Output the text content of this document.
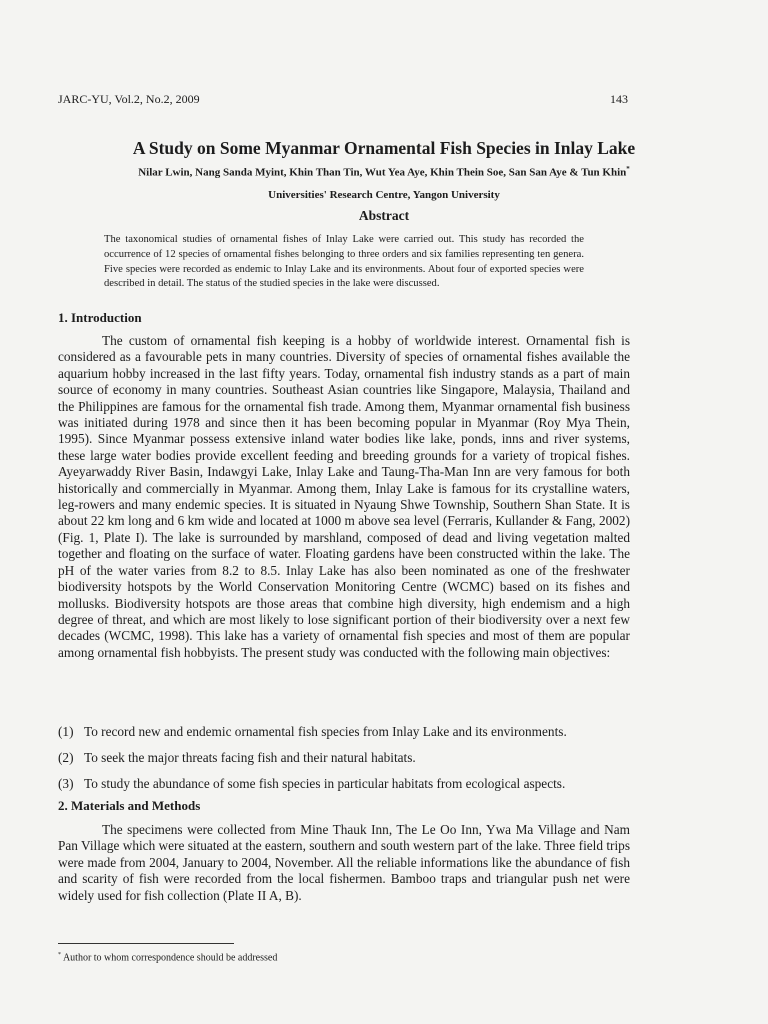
JARC-YU, Vol.2, No.2, 2009	143
A Study on Some Myanmar Ornamental Fish Species in Inlay Lake
Nilar Lwin, Nang Sanda Myint, Khin Than Tin, Wut Yea Aye, Khin Thein Soe, San San Aye & Tun Khin*
Universities' Research Centre, Yangon University
Abstract
The taxonomical studies of ornamental fishes of Inlay Lake were carried out. This study has recorded the occurrence of 12 species of ornamental fishes belonging to three orders and six families representing ten genera. Five species were recorded as endemic to Inlay Lake and its environments. About four of exported species were described in detail. The status of the studied species in the lake were discussed.
1. Introduction

The custom of ornamental fish keeping is a hobby of worldwide interest. Ornamental fish is considered as a favourable pets in many countries. Diversity of species of ornamental fishes available the aquarium hobby increased in the last fifty years. Today, ornamental fish industry stands as a part of main source of economy in many countries. Southeast Asian countries like Singapore, Malaysia, Thailand and the Philippines are famous for the ornamental fish trade. Among them, Myanmar ornamental fish business was initiated during 1978 and since then it has been becoming popular in Myanmar (Roy Mya Thein, 1995). Since Myanmar possess extensive inland water bodies like lake, ponds, inns and river systems, these large water bodies provide excellent feeding and breeding grounds for a variety of tropical fishes. Ayeyarwaddy River Basin, Indawgyi Lake, Inlay Lake and Taung-Tha-Man Inn are very famous for both historically and commercially in Myanmar. Among them, Inlay Lake is famous for its crystalline waters, leg-rowers and many endemic species. It is situated in Nyaung Shwe Township, Southern Shan State. It is about 22 km long and 6 km wide and located at 1000 m above sea level (Ferraris, Kullander & Fang, 2002)(Fig. 1, Plate I). The lake is surrounded by marshland, composed of dead and living vegetation malted together and floating on the surface of water. Floating gardens have been constructed within the lake. The pH of the water varies from 8.2 to 8.5. Inlay Lake has also been nominated as one of the freshwater biodiversity hotspots by the World Conservation Monitoring Centre (WCMC) based on its fishes and mollusks. Biodiversity hotspots are those areas that combine high diversity, high endemism and a high degree of threat, and which are most likely to lose significant portion of their biodiversity over a next few decades (WCMC, 1998). This lake has a variety of ornamental fish species and most of them are popular among ornamental fish hobbyists. The present study was conducted with the following main objectives:

(1) To record new and endemic ornamental fish species from Inlay Lake and its environments.
(2) To seek the major threats facing fish and their natural habitats.
(3) To study the abundance of some fish species in particular habitats from ecological aspects.
2. Materials and Methods

The specimens were collected from Mine Thauk Inn, The Le Oo Inn, Ywa Ma Village and Nam Pan Village which were situated at the eastern, southern and south western part of the lake. Three field trips were made from 2004, January to 2004, November. All the reliable informations like the abundance of fish and scarity of fish were recorded from the local fishermen. Bamboo traps and triangular push net were widely used for fish collection (Plate II A, B).

* Author to whom correspondence should be addressed
